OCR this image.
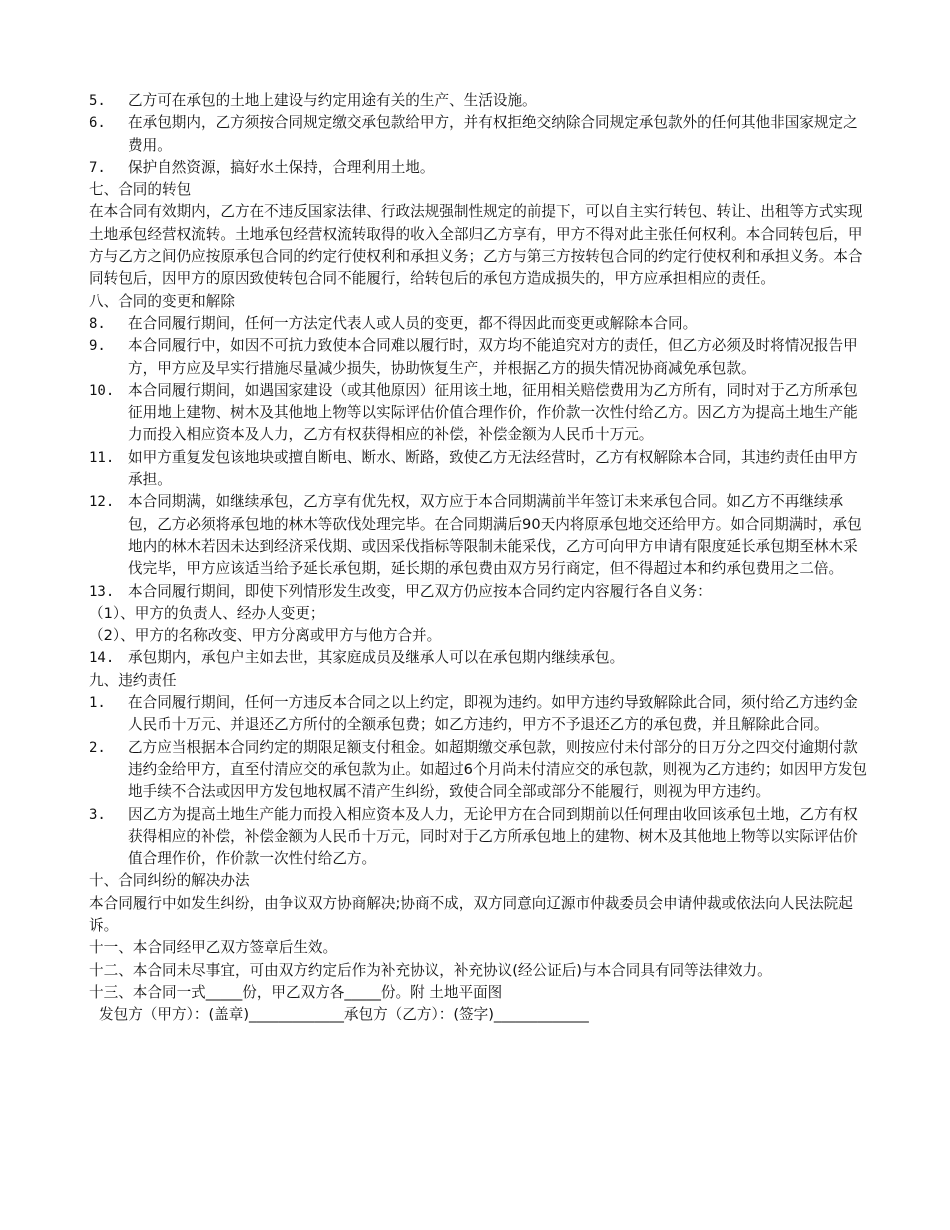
5.	乙方可在承包的土地上建设与约定用途有关的生产、生活设施。
6.	在承包期内，乙方须按合同规定缴交承包款给甲方，并有权拒绝交纳除合同规定承包款外的任何其他非国家规定之费用。
7.	保护自然资源，搞好水土保持，合理利用土地。
七、合同的转包
在本合同有效期内，乙方在不违反国家法律、行政法规强制性规定的前提下，可以自主实行转包、转让、出租等方式实现土地承包经营权流转。土地承包经营权流转取得的收入全部归乙方享有，甲方不得对此主张任何权利。本合同转包后，甲方与乙方之间仍应按原承包合同的约定行使权利和承担义务；乙方与第三方按转包合同的约定行使权利和承担义务。本合同转包后，因甲方的原因致使转包合同不能履行，给转包后的承包方造成损失的，甲方应承担相应的责任。
八、合同的变更和解除
8.	在合同履行期间，任何一方法定代表人或人员的变更，都不得因此而变更或解除本合同。
9.	本合同履行中，如因不可抗力致使本合同难以履行时，双方均不能追究对方的责任，但乙方必须及时将情况报告甲方，甲方应及早实行措施尽量减少损失，协助恢复生产，并根据乙方的损失情况协商减免承包款。
10. 本合同履行期间，如遇国家建设（或其他原因）征用该土地，征用相关赔偿费用为乙方所有，同时对于乙方所承包征用地上建物、树木及其他地上物等以实际评估价值合理作价，作价款一次性付给乙方。因乙方为提高土地生产能力而投入相应资本及人力，乙方有权获得相应的补偿，补偿金额为人民币十万元。
11. 如甲方重复发包该地块或擅自断电、断水、断路，致使乙方无法经营时，乙方有权解除本合同，其违约责任由甲方承担。
12. 本合同期满，如继续承包，乙方享有优先权，双方应于本合同期满前半年签订未来承包合同。如乙方不再继续承包，乙方必须将承包地的林木等砍伐处理完毕。在合同期满后90天内将原承包地交还给甲方。如合同期满时，承包地内的林木若因未达到经济采伐期、或因采伐指标等限制未能采伐，乙方可向甲方申请有限度延长承包期至林木采伐完毕，甲方应该适当给予延长承包期，延长期的承包费由双方另行商定，但不得超过本和约承包费用之二倍。
13. 本合同履行期间，即使下列情形发生改变，甲乙双方仍应按本合同约定内容履行各自义务：
（1）、甲方的负责人、经办人变更；
（2）、甲方的名称改变、甲方分离或甲方与他方合并。
14. 承包期内，承包户主如去世，其家庭成员及继承人可以在承包期内继续承包。
九、违约责任
1.	在合同履行期间，任何一方违反本合同之以上约定，即视为违约。如甲方违约导致解除此合同，须付给乙方违约金人民币十万元、并退还乙方所付的全额承包费；如乙方违约，甲方不予退还乙方的承包费，并且解除此合同。
2.	乙方应当根据本合同约定的期限足额支付租金。如超期缴交承包款，则按应付未付部分的日万分之四交付逾期付款违约金给甲方，直至付清应交的承包款为止。如超过6个月尚未付清应交的承包款，则视为乙方违约；如因甲方发包地手续不合法或因甲方发包地权属不清产生纠纷，致使合同全部或部分不能履行，则视为甲方违约。
3.	因乙方为提高土地生产能力而投入相应资本及人力，无论甲方在合同到期前以任何理由收回该承包土地，乙方有权获得相应的补偿，补偿金额为人民币十万元，同时对于乙方所承包地上的建物、树木及其他地上物等以实际评估价值合理作价，作价款一次性付给乙方。
十、合同纠纷的解决办法
本合同履行中如发生纠纷，由争议双方协商解决;协商不成，双方同意向辽源市仲裁委员会申请仲裁或依法向人民法院起诉。
十一、本合同经甲乙双方签章后生效。
十二、本合同未尽事宜，可由双方约定后作为补充协议，补充协议(经公证后)与本合同具有同等法律效力。
十三、本合同一式_____份，甲乙双方各_____份。附 土地平面图
发包方（甲方）：(盖章)_____________承包方（乙方）：(签字)_____________
